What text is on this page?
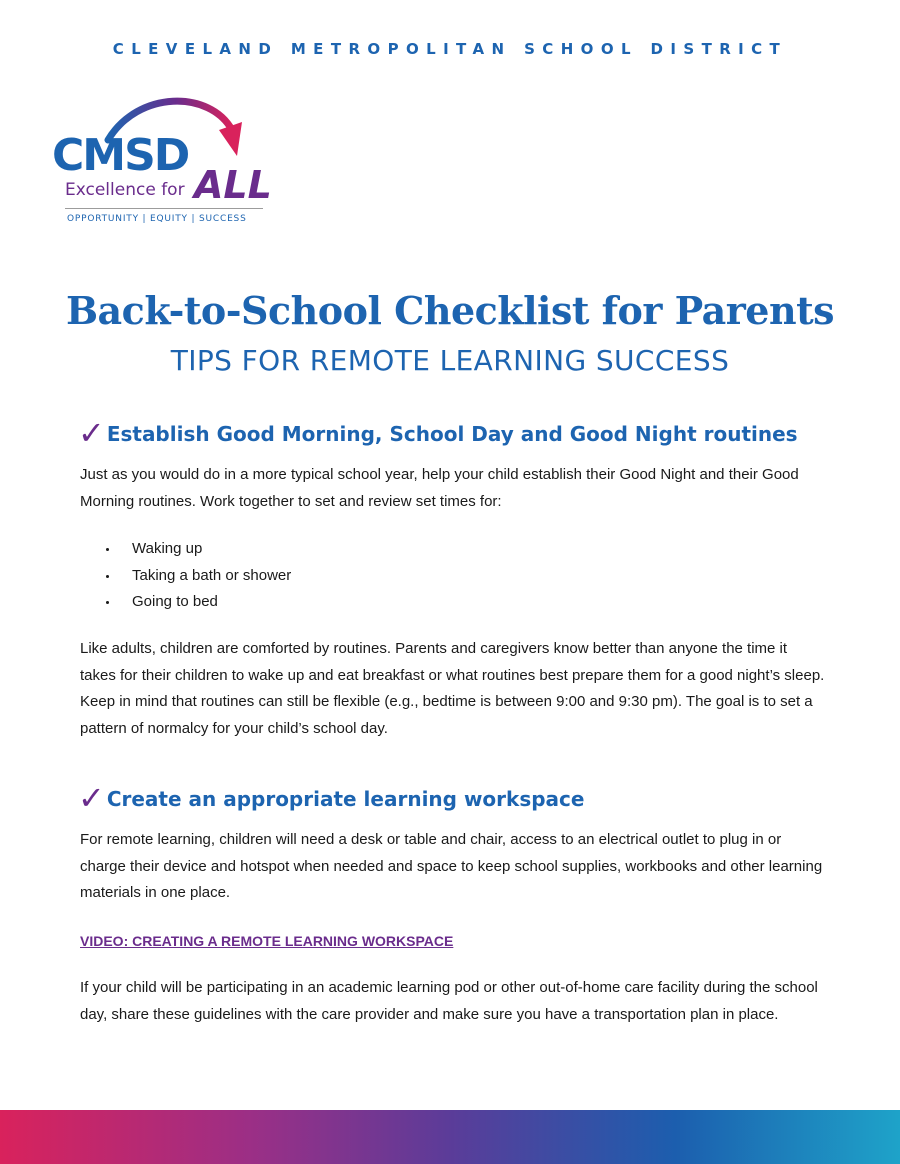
CLEVELAND METROPOLITAN SCHOOL DISTRICT
CMSD
Excellence for ALL
OPPORTUNITY | EQUITY | SUCCESS
Back-to-School Checklist for Parents
TIPS FOR REMOTE LEARNING SUCCESS
✓ Establish Good Morning, School Day and Good Night routines

Just as you would do in a more typical school year, help your child establish their Good Night and their Good Morning routines. Work together to set and review set times for:

Waking up
Taking a bath or shower
Going to bed

Like adults, children are comforted by routines. Parents and caregivers know better than anyone the time it takes for their children to wake up and eat breakfast or what routines best prepare them for a good night’s sleep. Keep in mind that routines can still be flexible (e.g., bedtime is between 9:00 and 9:30 pm). The goal is to set a pattern of normalcy for your child’s school day.

✓ Create an appropriate learning workspace

For remote learning, children will need a desk or table and chair, access to an electrical outlet to plug in or charge their device and hotspot when needed and space to keep school supplies, workbooks and other learning materials in one place.

VIDEO: CREATING A REMOTE LEARNING WORKSPACE

If your child will be participating in an academic learning pod or other out-of-home care facility during the school day, share these guidelines with the care provider and make sure you have a transportation plan in place.
